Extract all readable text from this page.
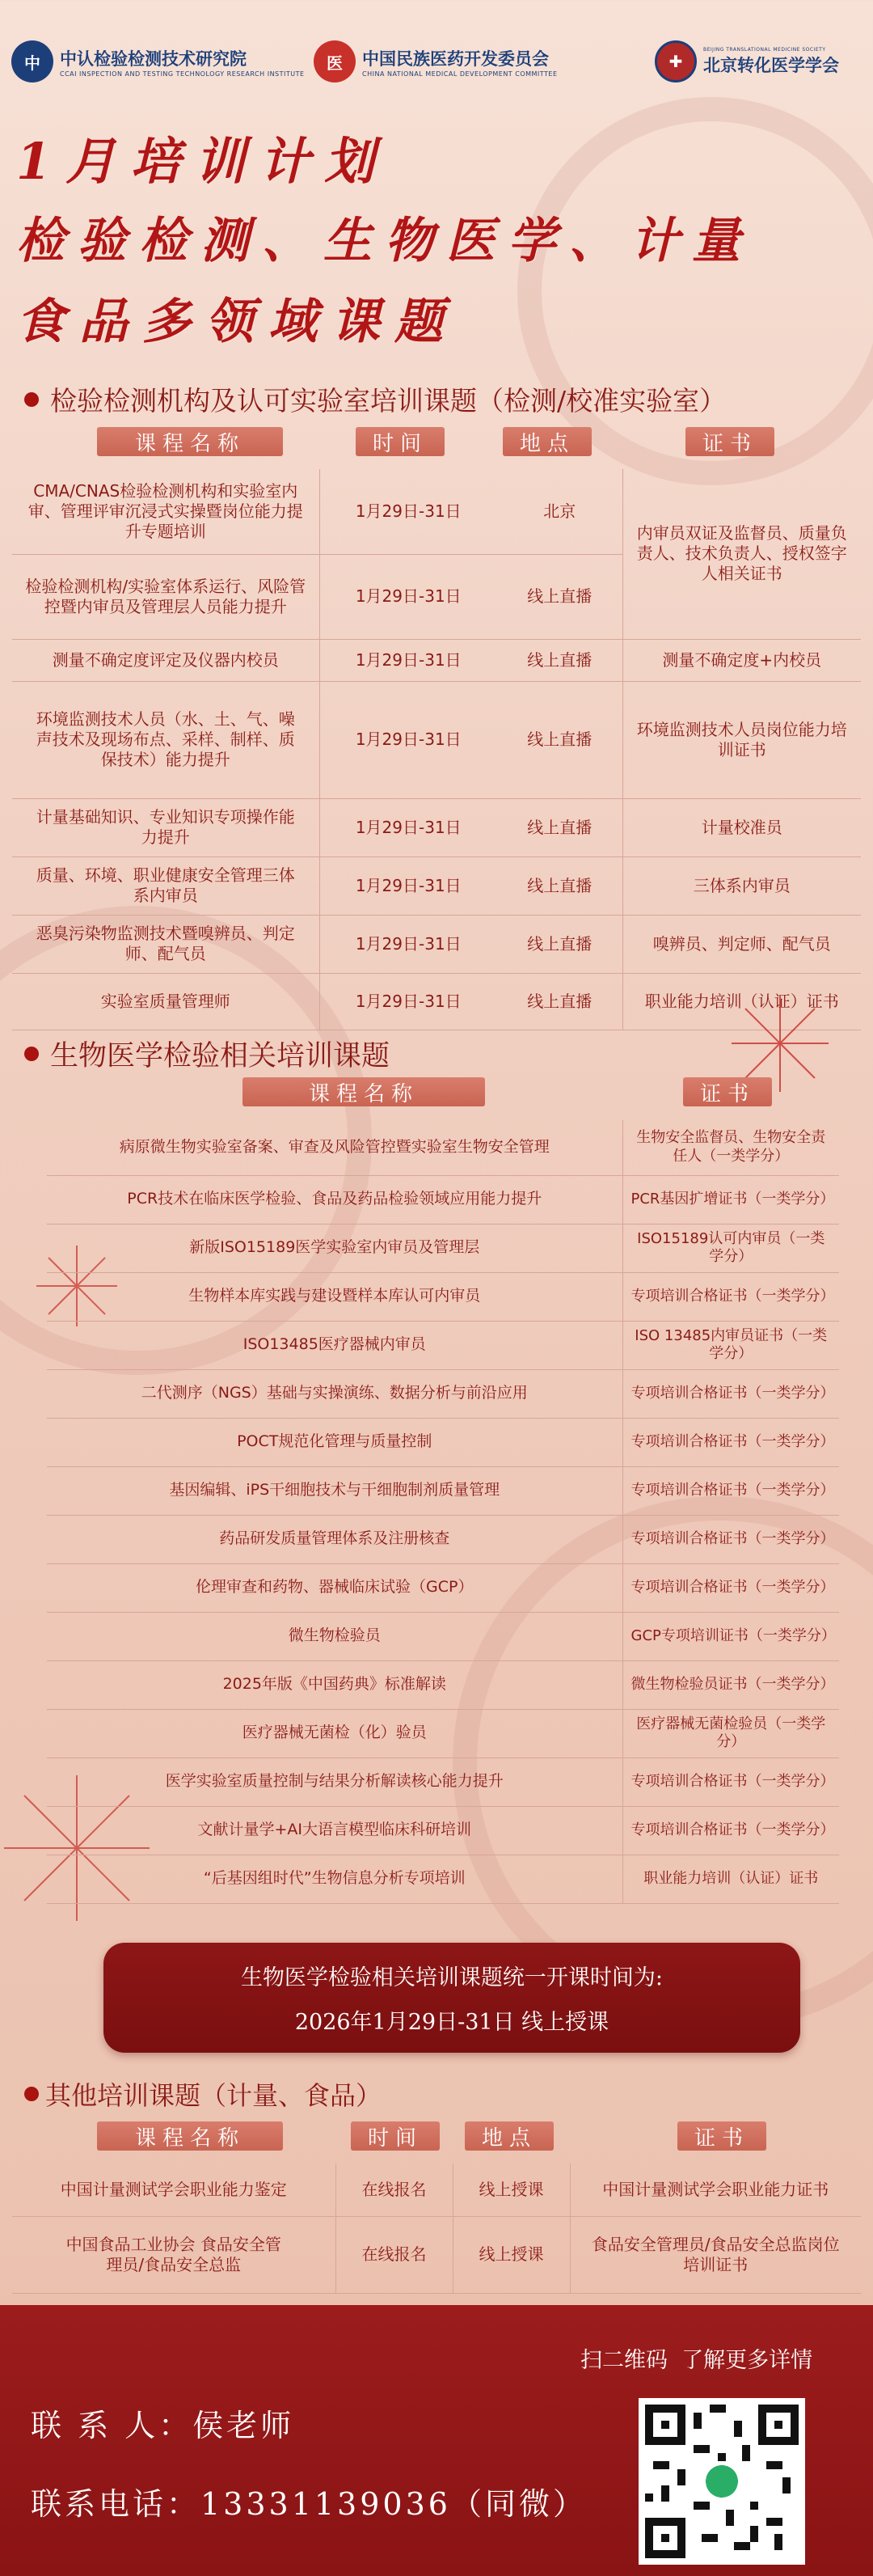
中	中认检验检测技术研究院
CCAI INSPECTION AND TESTING TECHNOLOGY RESEARCH INSTITUTE
医	中国民族医药开发委员会
CHINA NATIONAL MEDICAL DEVELOPMENT COMMITTEE
✚
BEIJING TRANSLATIONAL MEDICINE SOCIETY
北京转化医学学会
1月培训计划
检验检测、生物医学、计量
食品多领域课题
检验检测机构及认可实验室培训课题（检测/校准实验室）
课程名称	时间	地点	证书
CMA/CNAS检验检测机构和实验室内审、管理评审沉浸式实操暨岗位能力提升专题培训	1月29日-31日	北京	内审员双证及监督员、质量负责人、技术负责人、授权签字人相关证书
检验检测机构/实验室体系运行、风险管控暨内审员及管理层人员能力提升	1月29日-31日	线上直播	
测量不确定度评定及仪器内校员	1月29日-31日	线上直播	测量不确定度+内校员
环境监测技术人员（水、土、气、噪声技术及现场布点、采样、制样、质保技术）能力提升	1月29日-31日	线上直播	环境监测技术人员岗位能力培训证书
计量基础知识、专业知识专项操作能力提升	1月29日-31日	线上直播	计量校准员
质量、环境、职业健康安全管理三体系内审员	1月29日-31日	线上直播	三体系内审员
恶臭污染物监测技术暨嗅辨员、判定师、配气员	1月29日-31日	线上直播	嗅辨员、判定师、配气员
实验室质量管理师	1月29日-31日	线上直播	职业能力培训（认证）证书
生物医学检验相关培训课题
课程名称	证书
病原微生物实验室备案、审查及风险管控暨实验室生物安全管理	生物安全监督员、生物安全责任人（一类学分）
PCR技术在临床医学检验、食品及药品检验领域应用能力提升	PCR基因扩增证书（一类学分）
新版ISO15189医学实验室内审员及管理层	ISO15189认可内审员（一类学分）
生物样本库实践与建设暨样本库认可内审员	专项培训合格证书（一类学分）
ISO13485医疗器械内审员	ISO 13485内审员证书（一类学分）
二代测序（NGS）基础与实操演练、数据分析与前沿应用	专项培训合格证书（一类学分）
POCT规范化管理与质量控制	专项培训合格证书（一类学分）
基因编辑、iPS干细胞技术与干细胞制剂质量管理	专项培训合格证书（一类学分）
药品研发质量管理体系及注册核查	专项培训合格证书（一类学分）
伦理审查和药物、器械临床试验（GCP）	专项培训合格证书（一类学分）
微生物检验员	GCP专项培训证书（一类学分）
2025年版《中国药典》标准解读	微生物检验员证书（一类学分）
医疗器械无菌检（化）验员	医疗器械无菌检验员（一类学分）
医学实验室质量控制与结果分析解读核心能力提升	专项培训合格证书（一类学分）
文献计量学+AI大语言模型临床科研培训	专项培训合格证书（一类学分）
“后基因组时代”生物信息分析专项培训	职业能力培训（认证）证书
生物医学检验相关培训课题统一开课时间为:
2026年1月29日-31日 线上授课
其他培训课题（计量、食品）
课程名称	时间	地点	证书
中国计量测试学会职业能力鉴定	在线报名	线上授课	中国计量测试学会职业能力证书
中国食品工业协会 食品安全管理员/食品安全总监	在线报名	线上授课	食品安全管理员/食品安全总监岗位培训证书
扫二维码  了解更多详情
联 系 人：侯老师
联系电话：13331139036（同微）
